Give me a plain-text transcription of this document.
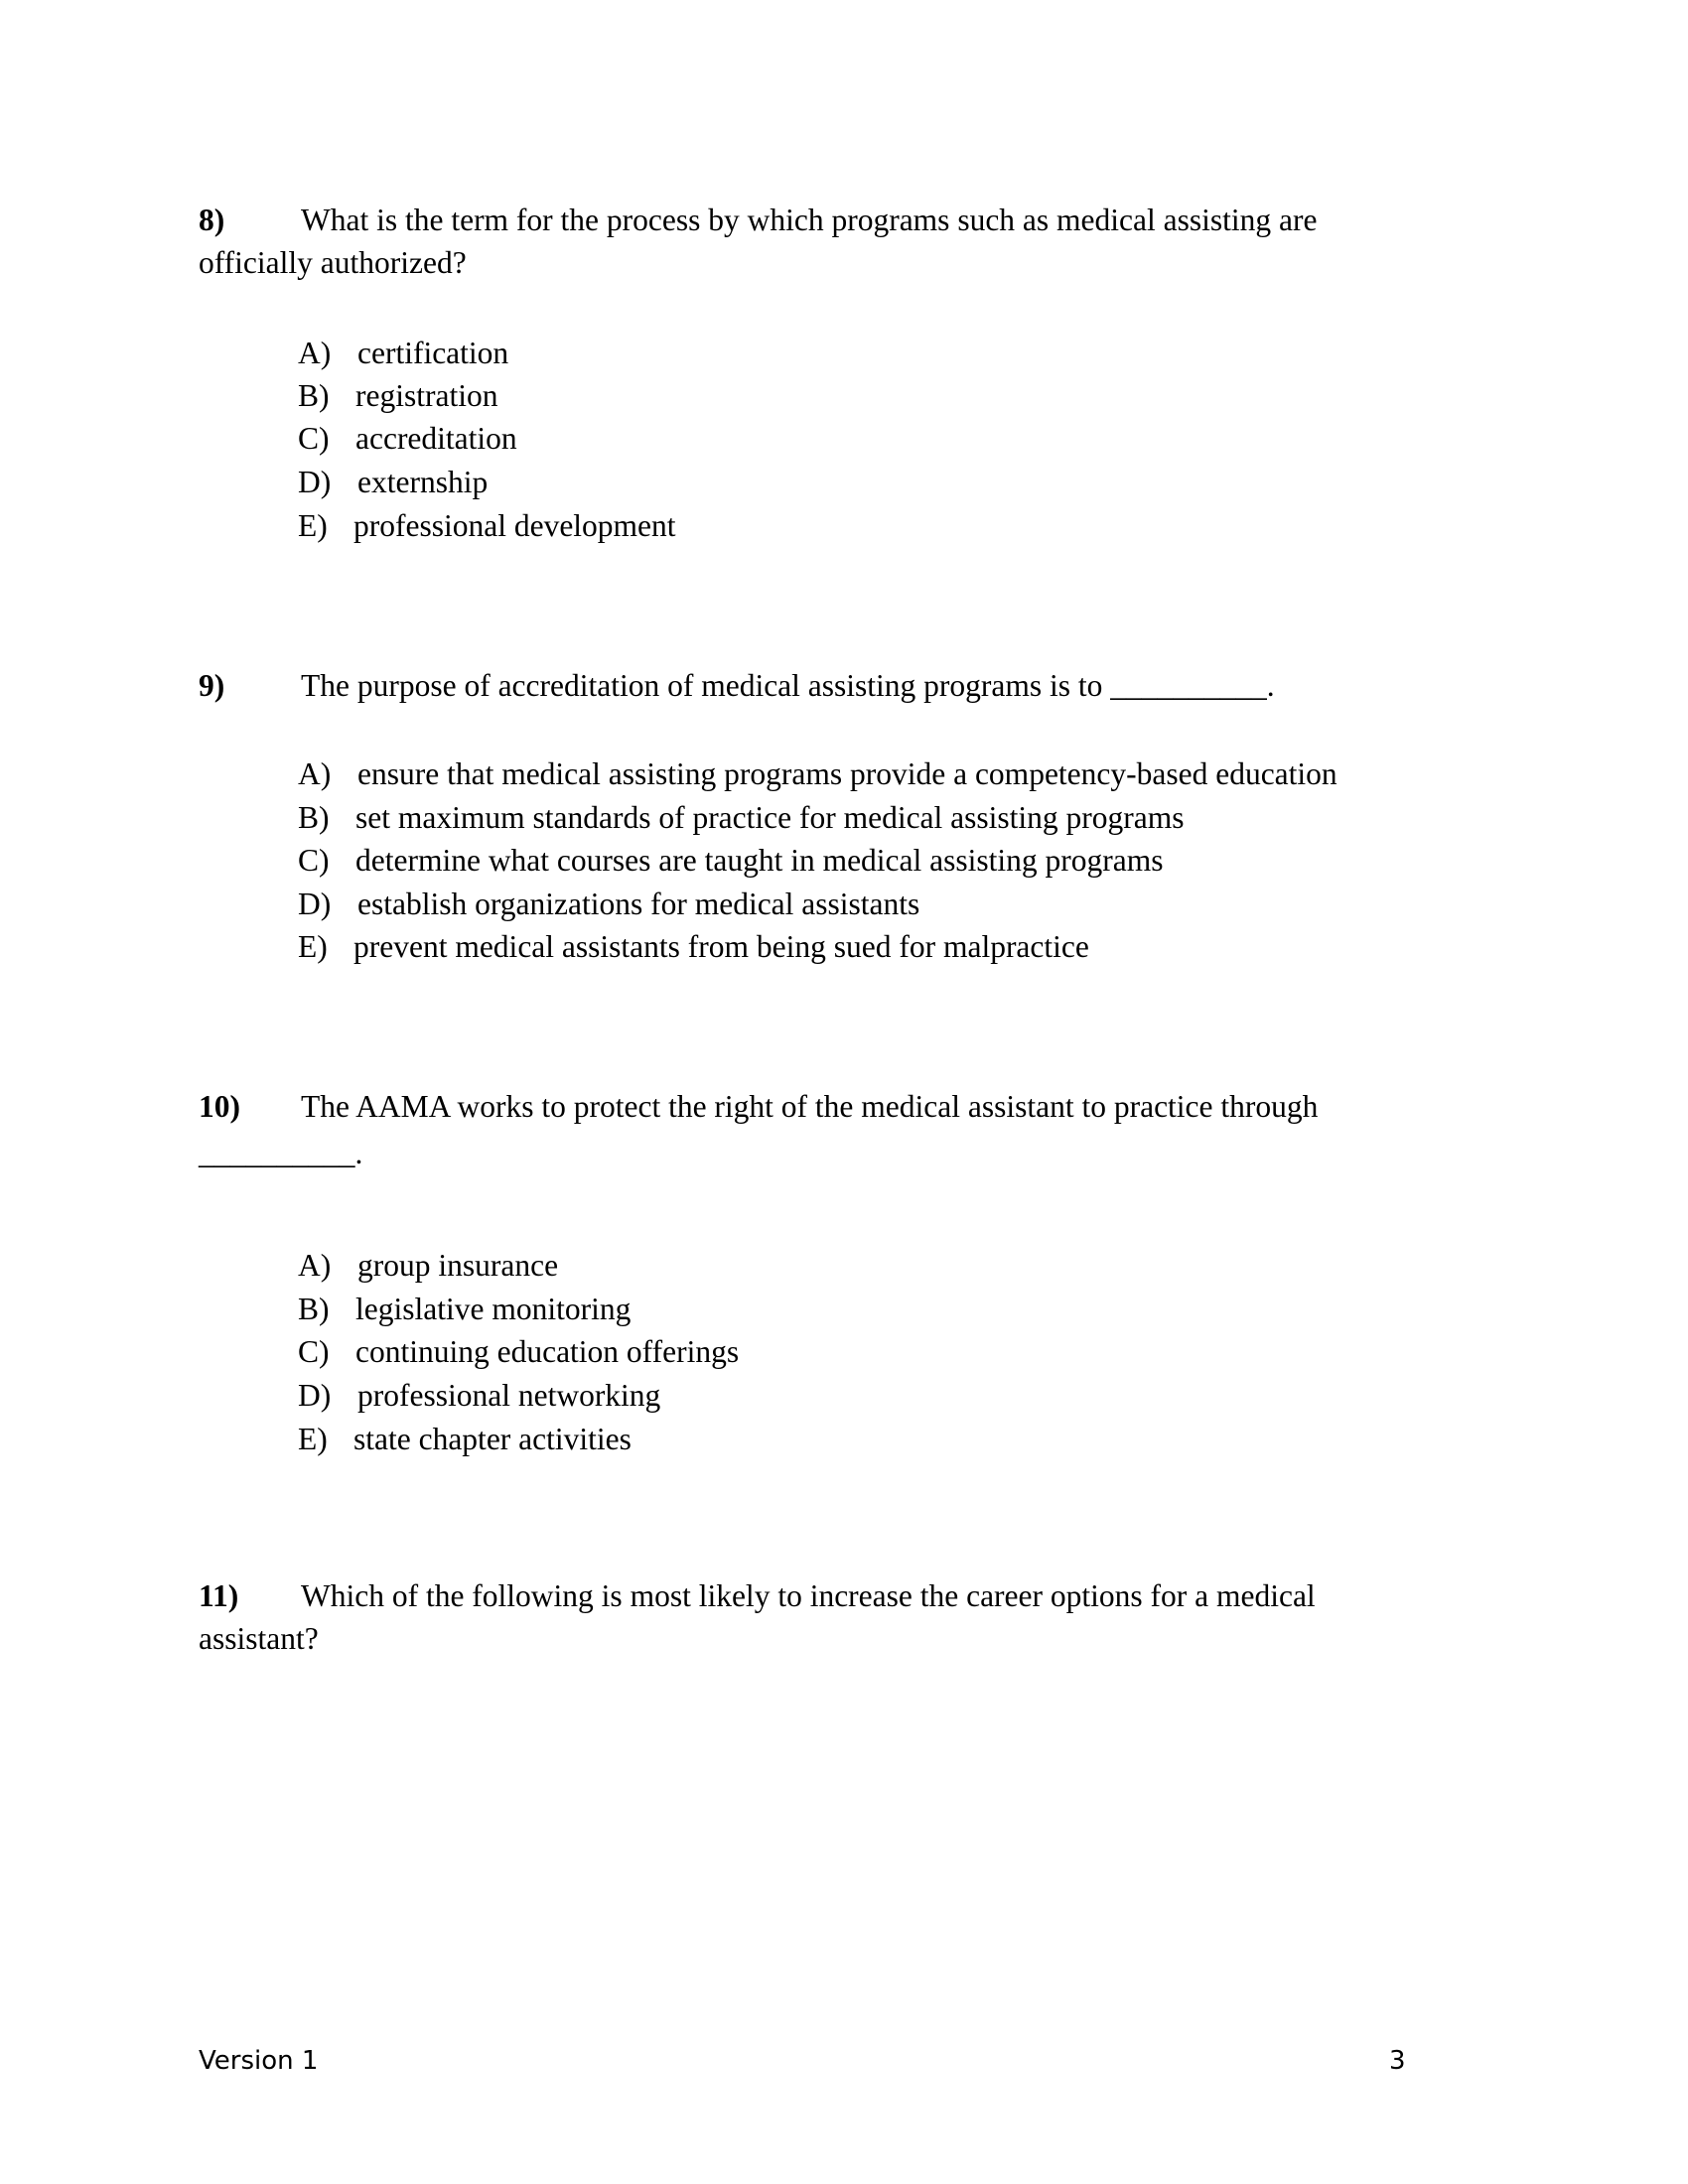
8) What is the term for the process by which programs such as medical assisting are
officially authorized?
A) certification
B) registration
C) accreditation
D) externship
E) professional development
9) The purpose of accreditation of medical assisting programs is to __________.
A) ensure that medical assisting programs provide a competency-based education
B) set maximum standards of practice for medical assisting programs
C) determine what courses are taught in medical assisting programs
D) establish organizations for medical assistants
E) prevent medical assistants from being sued for malpractice
10) The AAMA works to protect the right of the medical assistant to practice through
__________.
A) group insurance
B) legislative monitoring
C) continuing education offerings
D) professional networking
E) state chapter activities
11) Which of the following is most likely to increase the career options for a medical
assistant?
Version 1	3
